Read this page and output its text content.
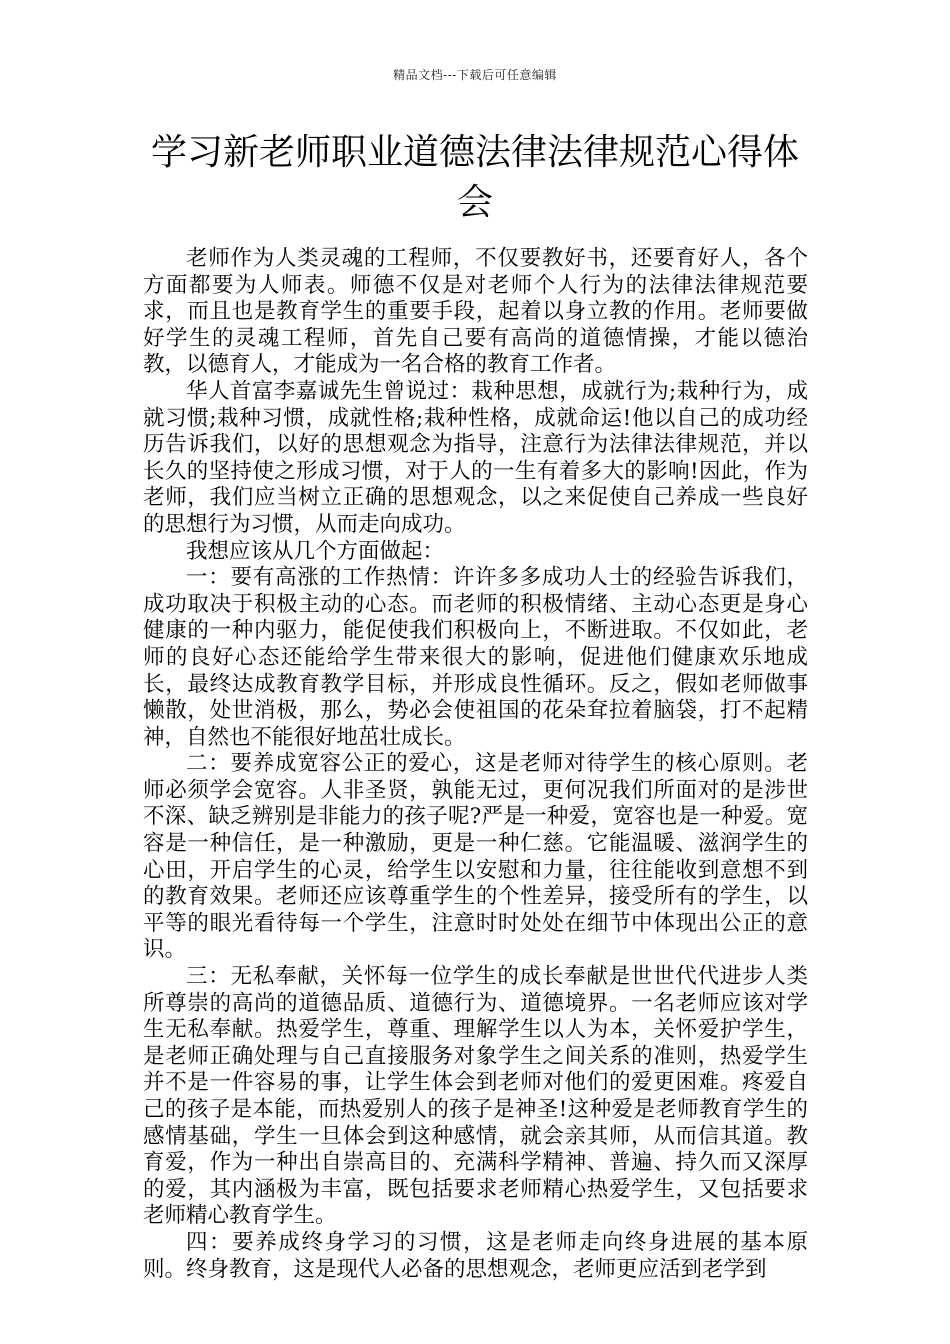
精品文档---下载后可任意编辑
学习新老师职业道德法律法律规范心得体会

老师作为人类灵魂的工程师，不仅要教好书，还要育好人，各个方面都要为人师表。师德不仅是对老师个人行为的法律法律规范要求，而且也是教育学生的重要手段，起着以身立教的作用。老师要做好学生的灵魂工程师，首先自己要有高尚的道德情操，才能以德治教，以德育人，才能成为一名合格的教育工作者。

华人首富李嘉诚先生曾说过：栽种思想，成就行为;栽种行为，成就习惯;栽种习惯，成就性格;栽种性格，成就命运!他以自己的成功经历告诉我们，以好的思想观念为指导，注意行为法律法律规范，并以长久的坚持使之形成习惯，对于人的一生有着多大的影响!因此，作为老师，我们应当树立正确的思想观念，以之来促使自己养成一些良好的思想行为习惯，从而走向成功。

我想应该从几个方面做起：

一：要有高涨的工作热情：许许多多成功人士的经验告诉我们，成功取决于积极主动的心态。而老师的积极情绪、主动心态更是身心健康的一种内驱力，能促使我们积极向上，不断进取。不仅如此，老师的良好心态还能给学生带来很大的影响，促进他们健康欢乐地成长，最终达成教育教学目标，并形成良性循环。反之，假如老师做事懒散，处世消极，那么，势必会使祖国的花朵耷拉着脑袋，打不起精神，自然也不能很好地茁壮成长。

二：要养成宽容公正的爱心，这是老师对待学生的核心原则。老师必须学会宽容。人非圣贤，孰能无过，更何况我们所面对的是涉世不深、缺乏辨别是非能力的孩子呢?严是一种爱，宽容也是一种爱。宽容是一种信任，是一种激励，更是一种仁慈。它能温暖、滋润学生的心田，开启学生的心灵，给学生以安慰和力量，往往能收到意想不到的教育效果。老师还应该尊重学生的个性差异，接受所有的学生，以平等的眼光看待每一个学生，注意时时处处在细节中体现出公正的意识。

三：无私奉献，关怀每一位学生的成长奉献是世世代代进步人类所尊崇的高尚的道德品质、道德行为、道德境界。一名老师应该对学生无私奉献。热爱学生，尊重、理解学生以人为本，关怀爱护学生，是老师正确处理与自己直接服务对象学生之间关系的准则，热爱学生并不是一件容易的事，让学生体会到老师对他们的爱更困难。疼爱自己的孩子是本能，而热爱别人的孩子是神圣!这种爱是老师教育学生的感情基础，学生一旦体会到这种感情，就会亲其师，从而信其道。教育爱，作为一种出自崇高目的、充满科学精神、普遍、持久而又深厚的爱，其内涵极为丰富，既包括要求老师精心热爱学生，又包括要求老师精心教育学生。

四：要养成终身学习的习惯，这是老师走向终身进展的基本原则。终身教育，这是现代人必备的思想观念，老师更应活到老学到
